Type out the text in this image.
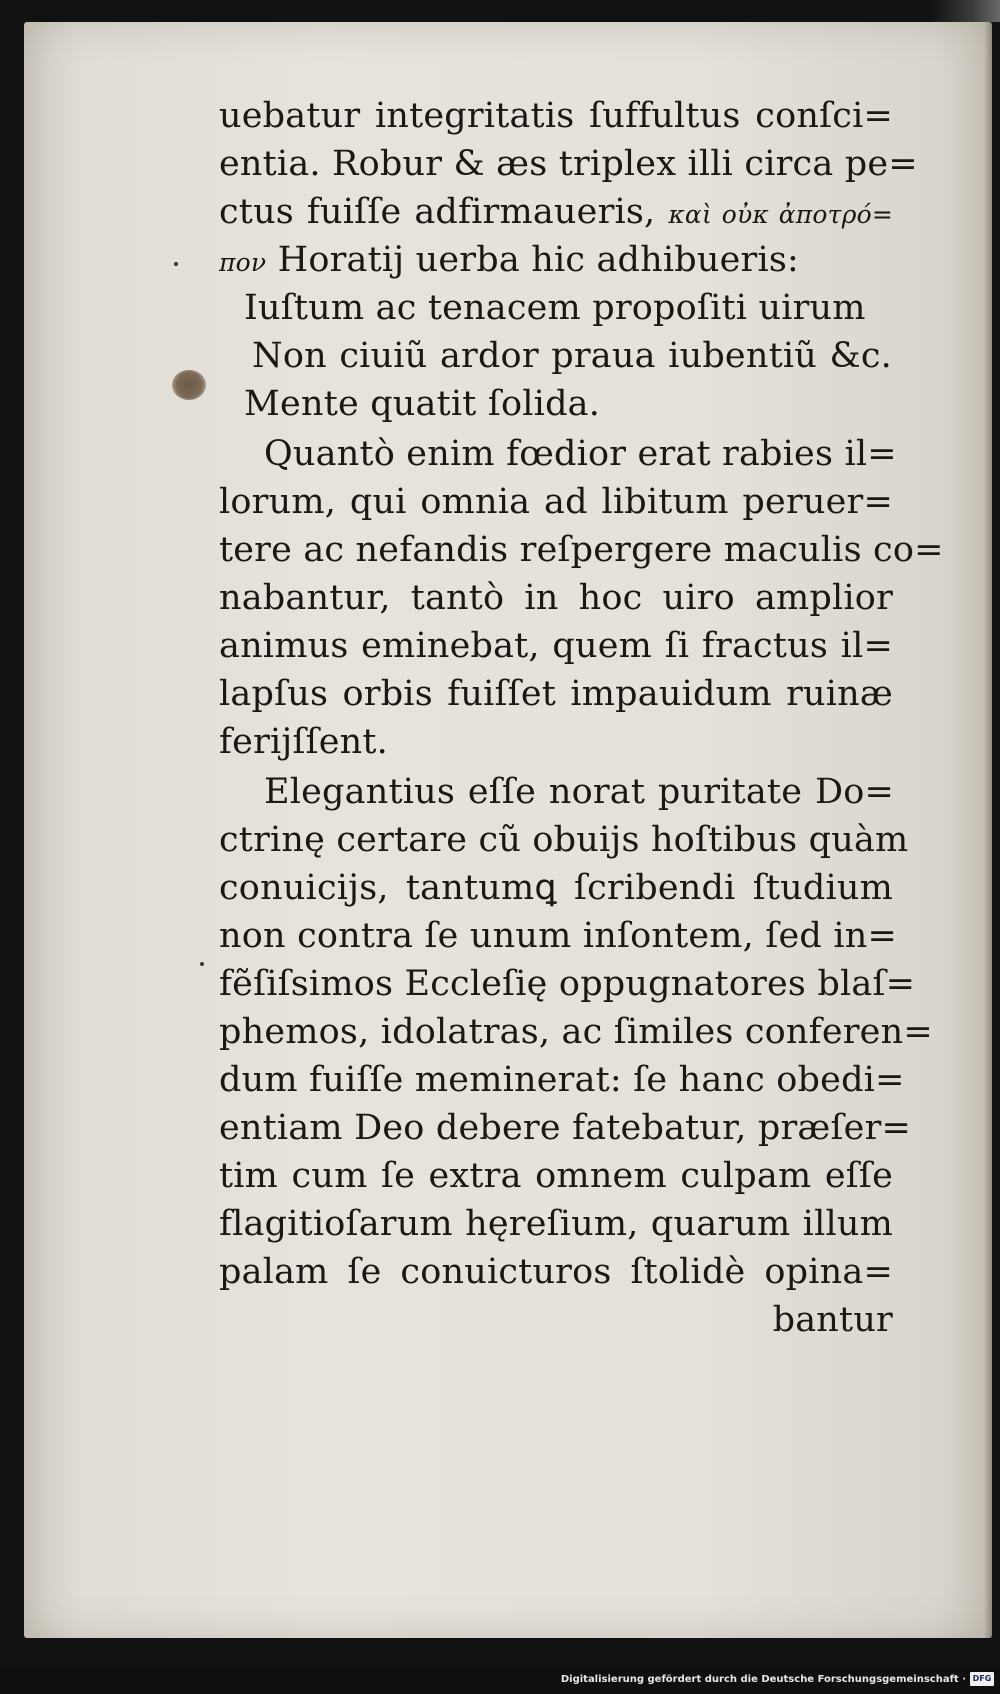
uebatur integritatis ſuffultus conſci=

entia. Robur & æs triplex illi circa pe=

ctus fuiſſe adfirmaueris, καὶ οὐκ ἀποτρό=

πον Horatij uerba hic adhibueris:

Iuſtum ac tenacem propoſiti uirum

Non ciuiũ ardor praua iubentiũ &c.

Mente quatit ſolida.

Quantò enim fœdior erat rabies il=

lorum, qui omnia ad libitum peruer=

tere ac nefandis reſpergere maculis co=

nabantur, tantò in hoc uiro amplior

animus eminebat, quem ſi fractus il=

lapſus orbis fuiſſet impauidum ruinæ

ferijſſent.

Elegantius eſſe norat puritate Do=

ctrinę certare cũ obuijs hoſtibus quàm

conuicijs, tantumꝗ ſcribendi ſtudium

non contra ſe unum inſontem, ſed in=

fẽſiſsimos Eccleſię oppugnatores blaſ=

phemos, idolatras, ac ſimiles conferen=

dum fuiſſe meminerat: ſe hanc obedi=

entiam Deo debere fatebatur, præſer=

tim cum ſe extra omnem culpam eſſe

flagitioſarum hęreſium, quarum illum

palam ſe conuicturos ſtolidè opina=

bantur

Digitalisierung gefördert durch die Deutsche Forschungsgemeinschaft · DFG
